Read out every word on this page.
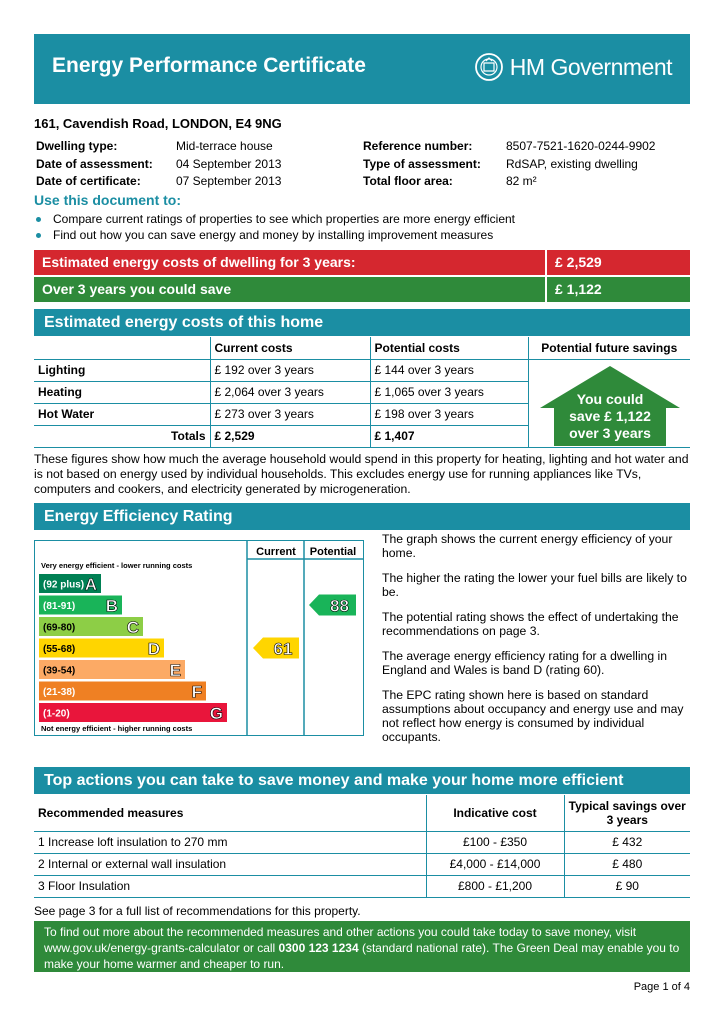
Energy Performance Certificate	HM Government
161, Cavendish Road, LONDON, E4 9NG
Dwelling type:	Mid-terrace house
Date of assessment:	04 September 2013
Date of certificate:	07 September 2013
Reference number:	8507-7521-1620-0244-9902
Type of assessment:	RdSAP, existing dwelling
Total floor area:	82 m²
Use this document to:
Compare current ratings of properties to see which properties are more energy efficient
Find out how you can save energy and money by installing improvement measures
Estimated energy costs of dwelling for 3 years:	£ 2,529
Over 3 years you could save	£ 1,122
Estimated energy costs of this home
	Current costs	Potential costs	Potential future savings
Lighting	£ 192 over 3 years	£ 144 over 3 years	
Heating	£ 2,064 over 3 years	£ 1,065 over 3 years	
Hot Water	£ 273 over 3 years	£ 198 over 3 years	
Totals	£ 2,529	£ 1,407	
You could
save £ 1,122
over 3 years
These figures show how much the average household would spend in this property for heating, lighting and hot water and is not based on energy used by individual households. This excludes energy use for running appliances like TVs, computers and cookers, and electricity generated by microgeneration.
Energy Efficiency Rating
Current Potential
Very energy efficient - lower running costs
Not energy efficient - higher running costs
(92 plus) A
(81-91) B
(69-80)	C
(55-68)	D
(39-54)	E
(21-38)	F
(1-20)	G
61
88

The graph shows the current energy efficiency of your home.

The higher the rating the lower your fuel bills are likely to be.

The potential rating shows the effect of undertaking the recommendations on page 3.

The average energy efficiency rating for a dwelling in England and Wales is band D (rating 60).

The EPC rating shown here is based on standard assumptions about occupancy and energy use and may not reflect how energy is consumed by individual occupants.

Top actions you can take to save money and make your home more efficient
Recommended measures	Indicative cost	Typical savings over 3 years
1 Increase loft insulation to 270 mm	£100 - £350	£ 432
2 Internal or external wall insulation	£4,000 - £14,000	£ 480
3 Floor Insulation	£800 - £1,200	£ 90
See page 3 for a full list of recommendations for this property.
To find out more about the recommended measures and other actions you could take today to save money, visit www.gov.uk/energy-grants-calculator or call 0300 123 1234 (standard national rate). The Green Deal may enable you to make your home warmer and cheaper to run.
Page 1 of 4
